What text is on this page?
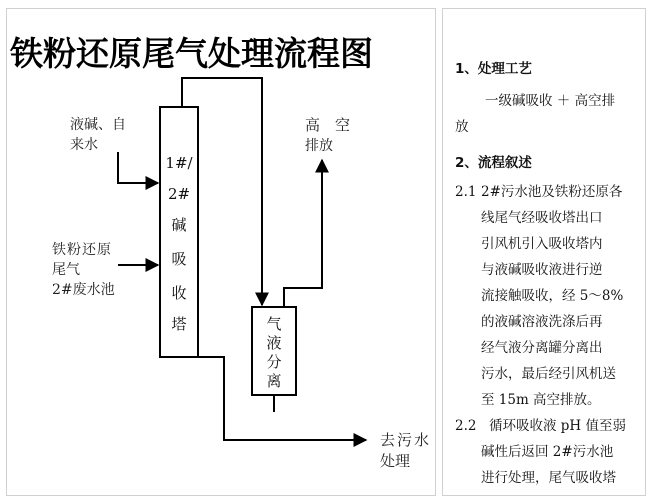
铁粉还原尾气处理流程图
液碱、自
来水
铁粉还原
尾气
2#废水池
1#/
2#
碱
吸
收
塔	气
液
分
离
高　空
去污水
处理
1、处理工艺
一级碱吸收 ＋ 高空排
放
2、流程叙述
2.1 2#污水池及铁粉还原各
线尾气经吸收塔出口
引风机引入吸收塔内
与液碱吸收液进行逆
流接触吸收，经 5～8%
的液碱溶液洗涤后再
经气液分离罐分离出
污水，最后经引风机送
至 15m 高空排放。
2.2 循环吸收液 pH 值至弱
碱性后返回 2#污水池
进行处理，尾气吸收塔
